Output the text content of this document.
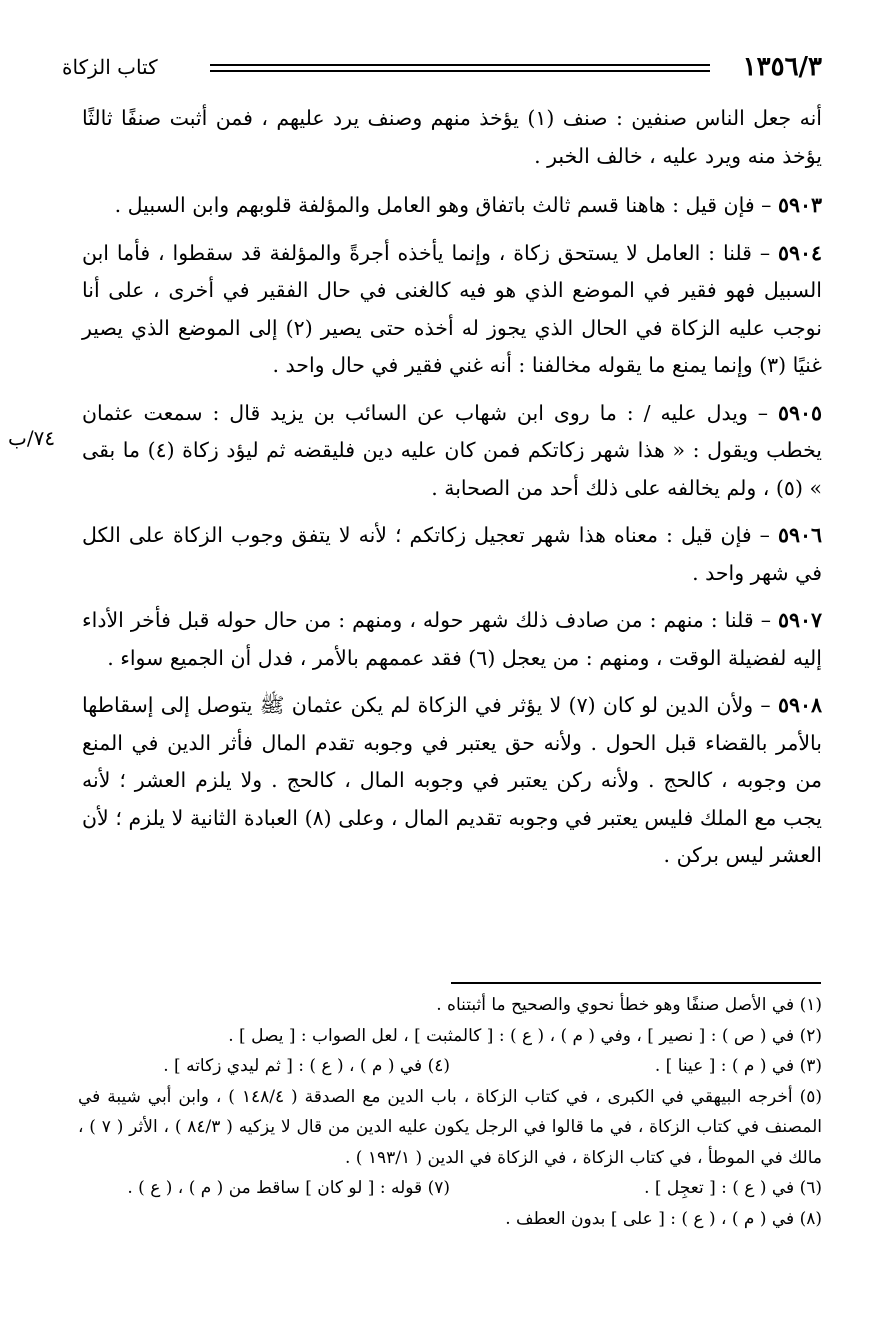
١٣٥٦/٣
كتاب الزكاة
٧٤/ب

أنه جعل الناس صنفين : صنف (١) يؤخذ منهم وصنف يرد عليهم ، فمن أثبت صنفًا ثالثًا يؤخذ منه ويرد عليه ، خالف الخبر .

٥٩٠٣ – فإن قيل : هاهنا قسم ثالث باتفاق وهو العامل والمؤلفة قلوبهم وابن السبيل .

٥٩٠٤ – قلنا : العامل لا يستحق زكاة ، وإنما يأخذه أجرةً والمؤلفة قد سقطوا ، فأما ابن السبيل فهو فقير في الموضع الذي هو فيه كالغنى في حال الفقير في أخرى ، على أنا نوجب عليه الزكاة في الحال الذي يجوز له أخذه حتى يصير (٢) إلى الموضع الذي يصير غنيًا (٣) وإنما يمنع ما يقوله مخالفنا : أنه غني فقير في حال واحد .

٥٩٠٥ – ويدل عليه / : ما روى ابن شهاب عن السائب بن يزيد قال : سمعت عثمان يخطب ويقول : « هذا شهر زكاتكم فمن كان عليه دين فليقضه ثم ليؤد زكاة (٤) ما بقى » (٥) ، ولم يخالفه على ذلك أحد من الصحابة .

٥٩٠٦ – فإن قيل : معناه هذا شهر تعجيل زكاتكم ؛ لأنه لا يتفق وجوب الزكاة على الكل في شهر واحد .

٥٩٠٧ – قلنا : منهم : من صادف ذلك شهر حوله ، ومنهم : من حال حوله قبل فأخر الأداء إليه لفضيلة الوقت ، ومنهم : من يعجل (٦) فقد عممهم بالأمر ، فدل أن الجميع سواء .

٥٩٠٨ – ولأن الدين لو كان (٧) لا يؤثر في الزكاة لم يكن عثمان ﷺ يتوصل إلى إسقاطها بالأمر بالقضاء قبل الحول . ولأنه حق يعتبر في وجوبه تقدم المال فأثر الدين في المنع من وجوبه ، كالحج . ولأنه ركن يعتبر في وجوبه المال ، كالحج . ولا يلزم العشر ؛ لأنه يجب مع الملك فليس يعتبر في وجوبه تقديم المال ، وعلى (٨) العبادة الثانية لا يلزم ؛ لأن العشر ليس بركن .

(١) في الأصل صنفًا وهو خطأ نحوي والصحيح ما أثبتناه .

(٢) في ( ص ) : [ نصير ] ، وفي ( م ) ، ( ع ) : [ كالمثبت ] ، لعل الصواب : [ يصل ] .

(٣) في ( م ) : [ عينا ] .

(٤) في ( م ) ، ( ع ) : [ ثم ليدي زكاته ] .

(٥) أخرجه البيهقي في الكبرى ، في كتاب الزكاة ، باب الدين مع الصدقة ( ١٤٨/٤ ) ، وابن أبي شيبة في المصنف في كتاب الزكاة ، في ما قالوا في الرجل يكون عليه الدين من قال لا يزكيه ( ٨٤/٣ ) ، الأثر ( ٧ ) ، مالك في الموطأ ، في كتاب الزكاة ، في الزكاة في الدين ( ١٩٣/١ ) .

(٦) في ( ع ) : [ تعجِل ] .

(٧) قوله : [ لو كان ] ساقط من ( م ) ، ( ع ) .

(٨) في ( م ) ، ( ع ) : [ على ] بدون العطف .
